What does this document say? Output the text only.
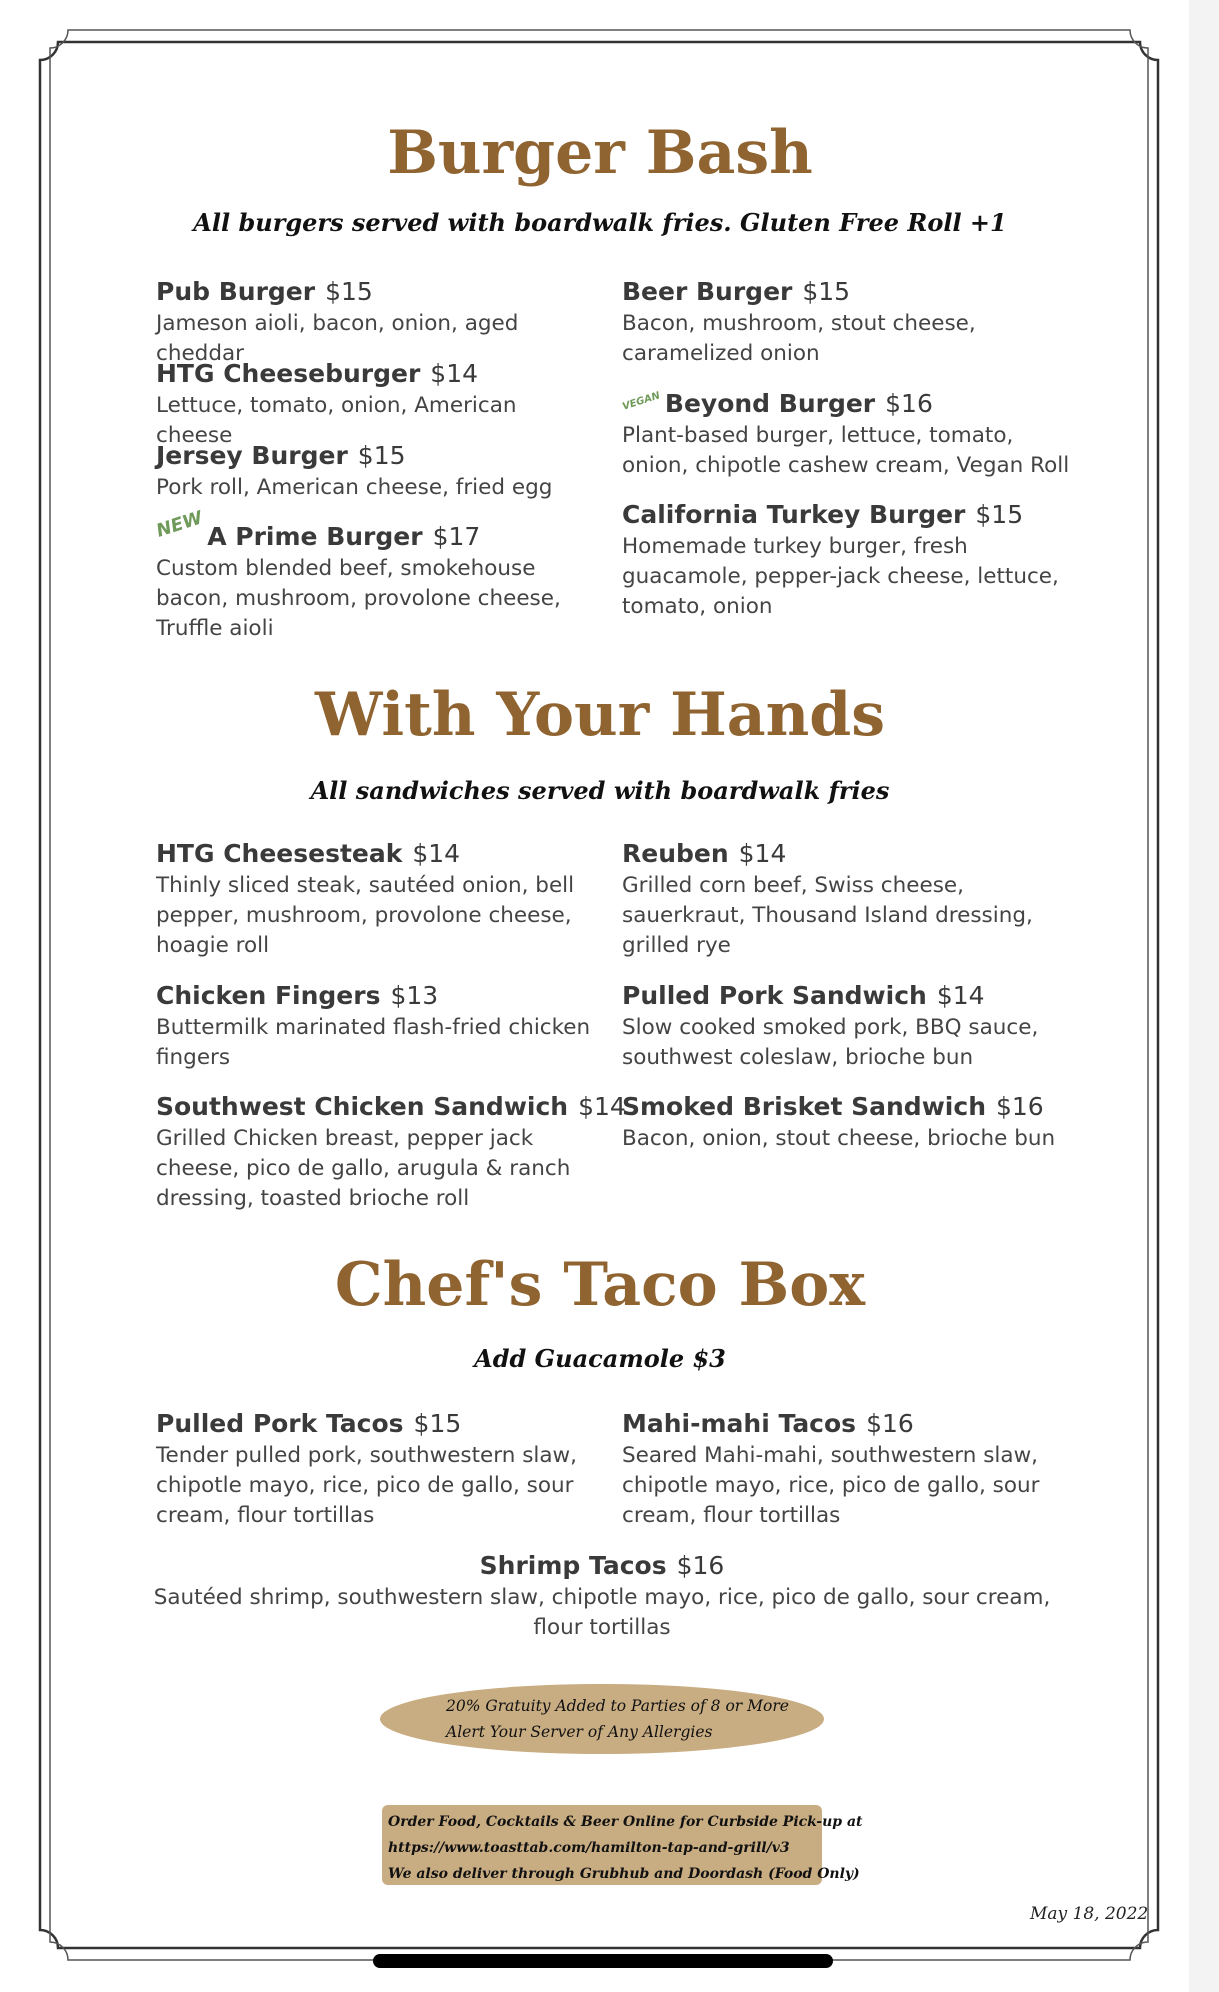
Burger Bash
All burgers served with boardwalk fries. Gluten Free Roll +1
Pub Burger $15
Jameson aioli, bacon, onion, aged cheddar
HTG Cheeseburger $14
Lettuce, tomato, onion, American cheese
Jersey Burger $15
Pork roll, American cheese, fried egg
NEWA Prime Burger $17
Custom blended beef, smokehouse bacon, mushroom, provolone cheese, Truffle aioli
Beer Burger $15
Bacon, mushroom, stout cheese, caramelized onion
VEGAN Beyond Burger $16
Plant-based burger, lettuce, tomato, onion, chipotle cashew cream, Vegan Roll
California Turkey Burger $15
Homemade turkey burger, fresh guacamole, pepper-jack cheese, lettuce, tomato, onion
With Your Hands
All sandwiches served with boardwalk fries
HTG Cheesesteak $14
Thinly sliced steak, sautéed onion, bell pepper, mushroom, provolone cheese, hoagie roll
Chicken Fingers $13
Buttermilk marinated flash-fried chicken fingers
Southwest Chicken Sandwich $14
Grilled Chicken breast, pepper jack cheese, pico de gallo, arugula & ranch dressing, toasted brioche roll
Reuben $14
Grilled corn beef, Swiss cheese, sauerkraut, Thousand Island dressing, grilled rye
Pulled Pork Sandwich $14
Slow cooked smoked pork, BBQ sauce, southwest coleslaw, brioche bun
Smoked Brisket Sandwich $16
Bacon, onion, stout cheese, brioche bun
Chef's Taco Box
Add Guacamole $3
Pulled Pork Tacos $15
Tender pulled pork, southwestern slaw, chipotle mayo, rice, pico de gallo, sour cream, flour tortillas
Mahi-mahi Tacos $16
Seared Mahi-mahi, southwestern slaw, chipotle mayo, rice, pico de gallo, sour cream, flour tortillas
Shrimp Tacos $16
Sautéed shrimp, southwestern slaw, chipotle mayo, rice, pico de gallo, sour cream, flour tortillas
20% Gratuity Added to Parties of 8 or More
Alert Your Server of Any Allergies
Order Food, Cocktails & Beer Online for Curbside Pick-up at
https://www.toasttab.com/hamilton-tap-and-grill/v3
We also deliver through Grubhub and Doordash (Food Only)
May 18, 2022
